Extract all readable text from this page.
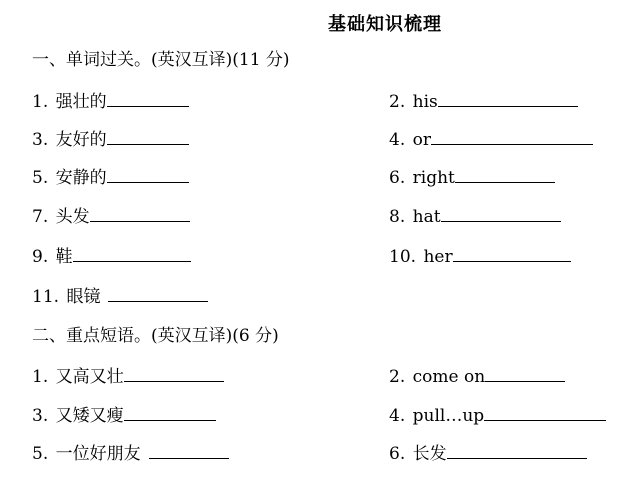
基础知识梳理
一、单词过关。(英汉互译)(11 分)
1. 强壮的	2. his
3. 友好的	4. or
5. 安静的	6. right
7. 头发	8. hat
9. 鞋	10. her
11. 眼镜
二、重点短语。(英汉互译)(6 分)
1. 又高又壮	2. come on
3. 又矮又瘦	4. pull…up
5. 一位好朋友	6. 长发
